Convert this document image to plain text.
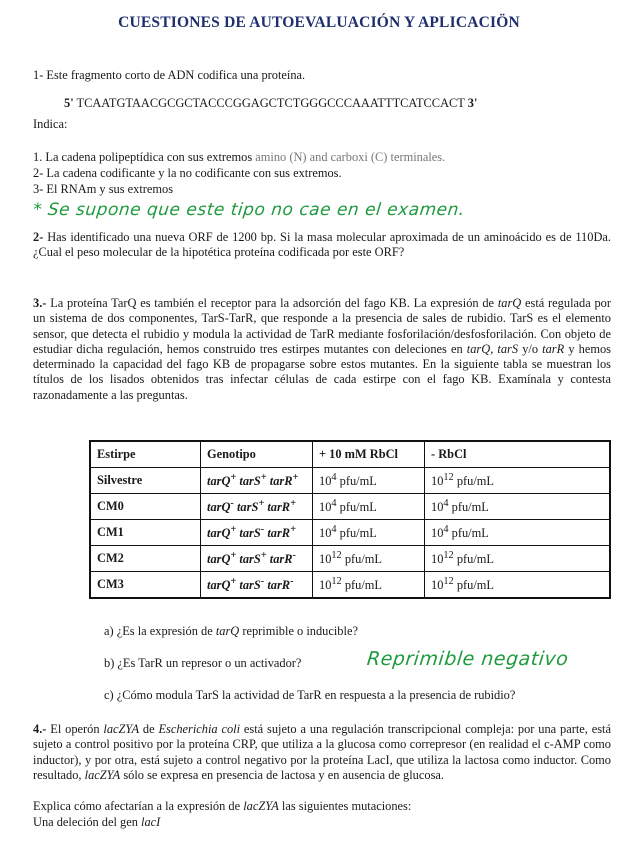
CUESTIONES DE AUTOEVALUACIÓN Y APLICACIÖN

1- Este fragmento corto de ADN codifica una proteína.

5' TCAATGTAACGCGCTACCCGGAGCTCTGGGCCCAAATTTCATCCACT 3'

Indica:

1. La cadena polipeptídica con sus extremos amino (N) and carboxi (C) terminales.

2- La cadena codificante y la no codificante con sus extremos.

3- El RNAm y sus extremos

* Se supone que este tipo no cae en el examen.

2- Has identificado una nueva ORF de 1200 bp. Si la masa molecular aproximada de un aminoácido es de 110Da. ¿Cual el peso molecular de la hipotética proteína codificada por este ORF?

3.- La proteína TarQ es también el receptor para la adsorción del fago KB. La expresión de tarQ está regulada por un sistema de dos componentes, TarS-TarR, que responde a la presencia de sales de rubidio. TarS es el elemento sensor, que detecta el rubidio y modula la actividad de TarR mediante fosforilación/desfosforilación. Con objeto de estudiar dicha regulación, hemos construido tres estirpes mutantes con deleciones en tarQ, tarS y/o tarR y hemos determinado la capacidad del fago KB de propagarse sobre estos mutantes. En la siguiente tabla se muestran los títulos de los lisados obtenidos tras infectar células de cada estirpe con el fago KB. Examínala y contesta razonadamente a las preguntas.

Estirpe	Genotipo	+ 10 mM RbCl	- RbCl
Silvestre	tarQ+ tarS+ tarR+	$10^4$ pfu/mL	$10^{12}$ pfu/mL
CM0	tarQ- tarS+ tarR+	$10^4$ pfu/mL	$10^4$ pfu/mL
CM1	tarQ+ tarS- tarR+	$10^4$ pfu/mL	$10^4$ pfu/mL
CM2	tarQ+ tarS+ tarR-	$10^{12}$ pfu/mL	$10^{12}$ pfu/mL
CM3	tarQ+ tarS- tarR-	$10^{12}$ pfu/mL	$10^{12}$ pfu/mL
a) ¿Es la expresión de tarQ reprimible o inducible?
b) ¿Es TarR un represor o un activador?	Reprimible negativo
c) ¿Cómo modula TarS la actividad de TarR en respuesta a la presencia de rubidio?

4.- El operón lacZYA de Escherichia coli está sujeto a una regulación transcripcional compleja: por una parte, está sujeto a control positivo por la proteína CRP, que utiliza a la glucosa como correpresor (en realidad el c-AMP como inductor), y por otra, está sujeto a control negativo por la proteína LacI, que utiliza la lactosa como inductor. Como resultado, lacZYA sólo se expresa en presencia de lactosa y en ausencia de glucosa.

Explica cómo afectarían a la expresión de lacZYA las siguientes mutaciones:

Una deleción del gen lacI
